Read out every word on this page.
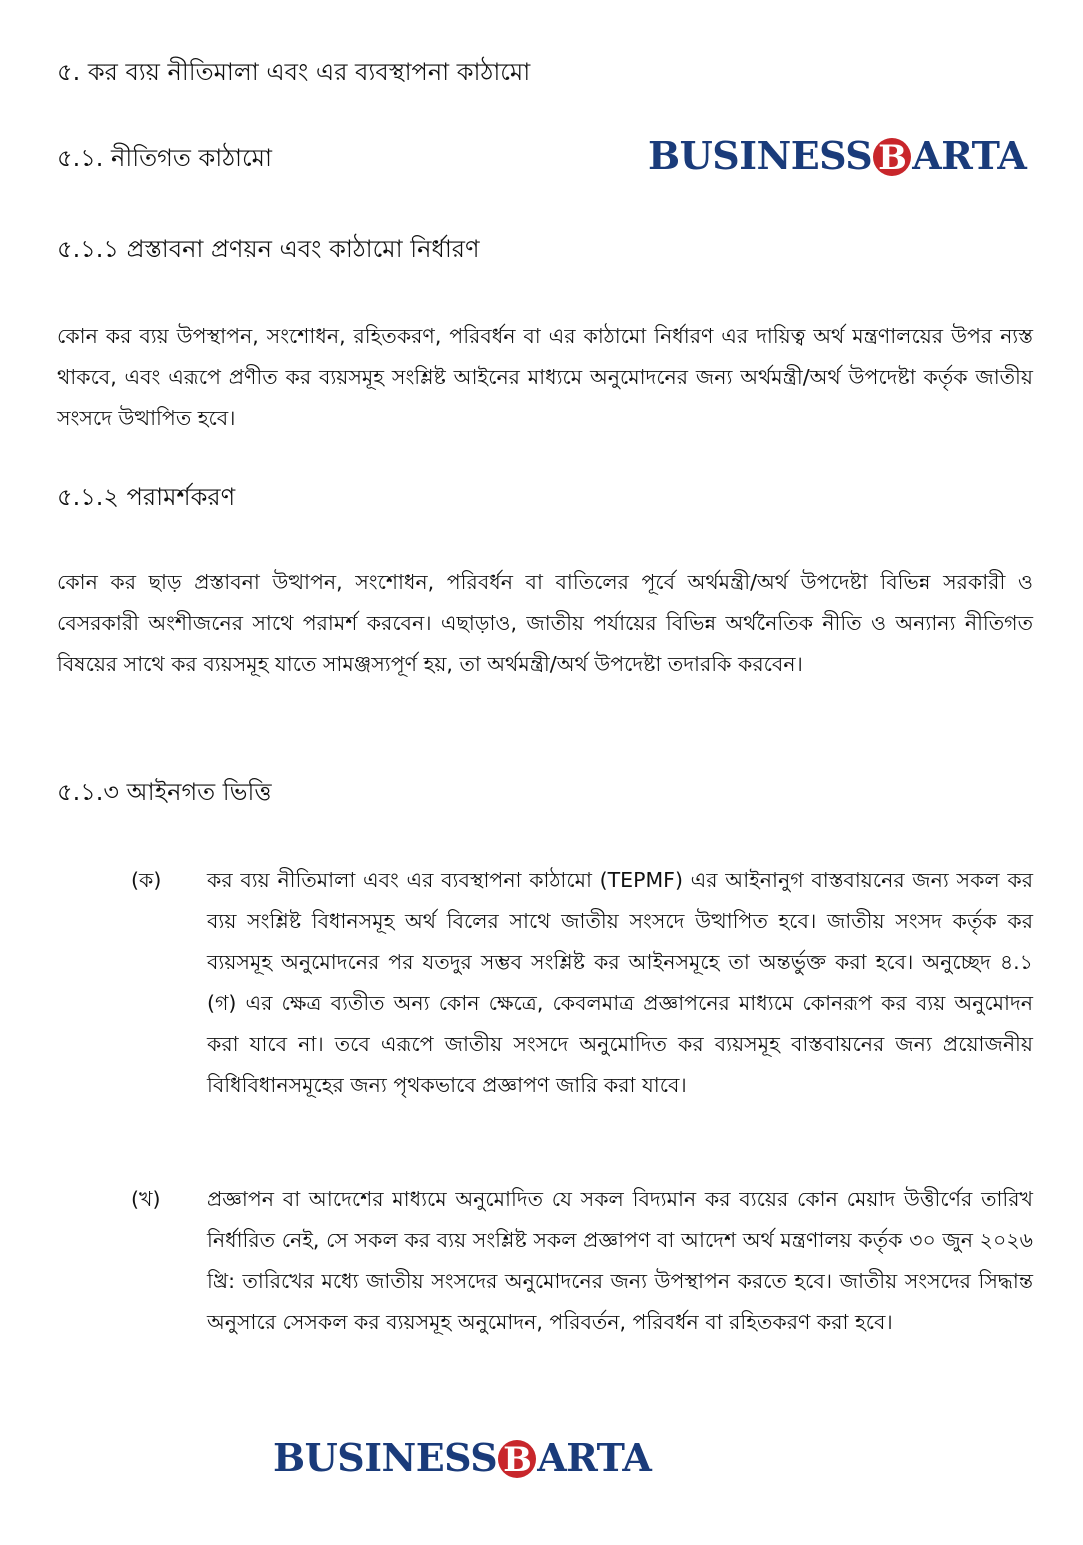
৫. কর ব্যয় নীতিমালা এবং এর ব্যবস্থাপনা কাঠামো
৫.১. নীতিগত কাঠামো	BUSINESS B ARTA
৫.১.১ প্রস্তাবনা প্রণয়ন এবং কাঠামো নির্ধারণ
কোন কর ব্যয় উপস্থাপন, সংশোধন, রহিতকরণ, পরিবর্ধন বা এর কাঠামো নির্ধারণ এর দায়িত্ব অর্থ মন্ত্রণালয়ের উপর ন্যস্ত থাকবে, এবং এরূপে প্রণীত কর ব্যয়সমূহ সংশ্লিষ্ট আইনের মাধ্যমে অনুমোদনের জন্য অর্থমন্ত্রী/অর্থ উপদেষ্টা কর্তৃক জাতীয় সংসদে উত্থাপিত হবে।
৫.১.২ পরামর্শকরণ
কোন কর ছাড় প্রস্তাবনা উত্থাপন, সংশোধন, পরিবর্ধন বা বাতিলের পূর্বে অর্থমন্ত্রী/অর্থ উপদেষ্টা বিভিন্ন সরকারী ও বেসরকারী অংশীজনের সাথে পরামর্শ করবেন। এছাড়াও, জাতীয় পর্যায়ের বিভিন্ন অর্থনৈতিক নীতি ও অন্যান্য নীতিগত বিষয়ের সাথে কর ব্যয়সমূহ যাতে সামঞ্জস্যপূর্ণ হয়, তা অর্থমন্ত্রী/অর্থ উপদেষ্টা তদারকি করবেন।
৫.১.৩ আইনগত ভিত্তি
(ক) কর ব্যয় নীতিমালা এবং এর ব্যবস্থাপনা কাঠামো (TEPMF) এর আইনানুগ বাস্তবায়নের জন্য সকল কর ব্যয় সংশ্লিষ্ট বিধানসমূহ অর্থ বিলের সাথে জাতীয় সংসদে উত্থাপিত হবে। জাতীয় সংসদ কর্তৃক কর ব্যয়সমূহ অনুমোদনের পর যতদুর সম্ভব সংশ্লিষ্ট কর আইনসমূহে তা অন্তর্ভুক্ত করা হবে। অনুচ্ছেদ ৪.১ (গ) এর ক্ষেত্র ব্যতীত অন্য কোন ক্ষেত্রে, কেবলমাত্র প্রজ্ঞাপনের মাধ্যমে কোনরূপ কর ব্যয় অনুমোদন করা যাবে না। তবে এরূপে জাতীয় সংসদে অনুমোদিত কর ব্যয়সমূহ বাস্তবায়নের জন্য প্রয়োজনীয় বিধিবিধানসমূহের জন্য পৃথকভাবে প্রজ্ঞাপণ জারি করা যাবে।
(খ) প্রজ্ঞাপন বা আদেশের মাধ্যমে অনুমোদিত যে সকল বিদ্যমান কর ব্যয়ের কোন মেয়াদ উত্তীর্ণের তারিখ নির্ধারিত নেই, সে সকল কর ব্যয় সংশ্লিষ্ট সকল প্রজ্ঞাপণ বা আদেশ অর্থ মন্ত্রণালয় কর্তৃক ৩০ জুন ২০২৬ খ্রি: তারিখের মধ্যে জাতীয় সংসদের অনুমোদনের জন্য উপস্থাপন করতে হবে। জাতীয় সংসদের সিদ্ধান্ত অনুসারে সেসকল কর ব্যয়সমূহ অনুমোদন, পরিবর্তন, পরিবর্ধন বা রহিতকরণ করা হবে।
BUSINESS B ARTA
